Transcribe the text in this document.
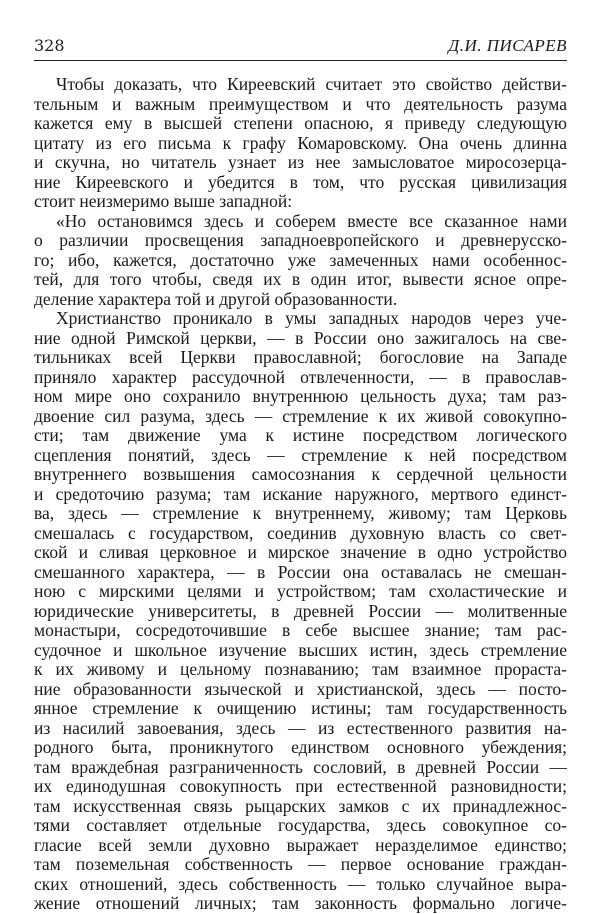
328	Д.И. ПИСАРЕВ
Чтобы доказать, что Киреевский считает это свойство действи-
тельным и важным преимуществом и что деятельность разума
кажется ему в высшей степени опасною, я приведу следующую
цитату из его письма к графу Комаровскому. Она очень длинна
и скучна, но читатель узнает из нее замысловатое миросозерца-
ние Киреевского и убедится в том, что русская цивилизация
стоит неизмеримо выше западной:
«Но остановимся здесь и соберем вместе все сказанное нами
о различии просвещения западноевропейского и древнерусско-
го; ибо, кажется, достаточно уже замеченных нами особеннос-
тей, для того чтобы, сведя их в один итог, вывести ясное опре-
деление характера той и другой образованности.
Христианство проникало в умы западных народов через уче-
ние одной Римской церкви, — в России оно зажигалось на све-
тильниках всей Церкви православной; богословие на Западе
приняло характер рассудочной отвлеченности, — в православ-
ном мире оно сохранило внутреннюю цельность духа; там раз-
двоение сил разума, здесь — стремление к их живой совокупно-
сти; там движение ума к истине посредством логического
сцепления понятий, здесь — стремление к ней посредством
внутреннего возвышения самосознания к сердечной цельности
и средоточию разума; там искание наружного, мертвого единст-
ва, здесь — стремление к внутреннему, живому; там Церковь
смешалась с государством, соединив духовную власть со свет-
ской и сливая церковное и мирское значение в одно устройство
смешанного характера, — в России она оставалась не смешан-
ною с мирскими целями и устройством; там схоластические и
юридические университеты, в древней России — молитвенные
монастыри, сосредоточившие в себе высшее знание; там рас-
судочное и школьное изучение высших истин, здесь стремление
к их живому и цельному познаванию; там взаимное прораста-
ние образованности языческой и христианской, здесь — посто-
янное стремление к очищению истины; там государственность
из насилий завоевания, здесь — из естественного развития на-
родного быта, проникнутого единством основного убеждения;
там враждебная разграниченность сословий, в древней России —
их единодушная совокупность при естественной разновидности;
там искусственная связь рыцарских замков с их принадлежнос-
тями составляет отдельные государства, здесь совокупное со-
гласие всей земли духовно выражает неразделимое единство;
там поземельная собственность — первое основание граждан-
ских отношений, здесь собственность — только случайное выра-
жение отношений личных; там законность формально логиче-
